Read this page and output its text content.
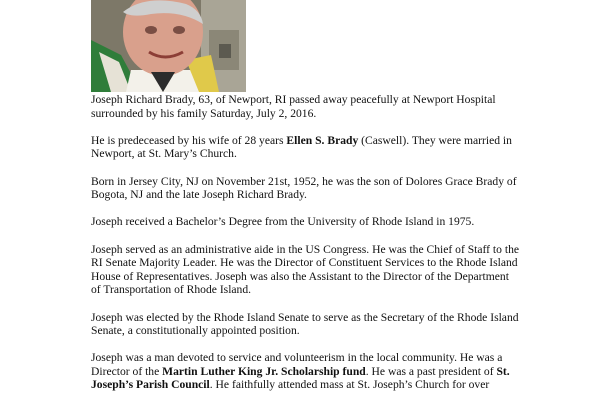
Joseph Richard Brady, 63, of Newport, RI passed away peacefully at Newport Hospital surrounded by his family Saturday, July 2, 2016.

He is predeceased by his wife of 28 years Ellen S. Brady (Caswell). They were married in Newport, at St. Mary’s Church.

Born in Jersey City, NJ on November 21st, 1952, he was the son of Dolores Grace Brady of Bogota, NJ and the late Joseph Richard Brady.

Joseph received a Bachelor’s Degree from the University of Rhode Island in 1975.

Joseph served as an administrative aide in the US Congress. He was the Chief of Staff to the RI Senate Majority Leader. He was the Director of Constituent Services to the Rhode Island House of Representatives. Joseph was also the Assistant to the Director of the Department of Transportation of Rhode Island.

Joseph was elected by the Rhode Island Senate to serve as the Secretary of the Rhode Island Senate, a constitutionally appointed position.

Joseph was a man devoted to service and volunteerism in the local community. He was a Director of the Martin Luther King Jr. Scholarship fund. He was a past president of St. Joseph’s Parish Council. He faithfully attended mass at St. Joseph’s Church for over
